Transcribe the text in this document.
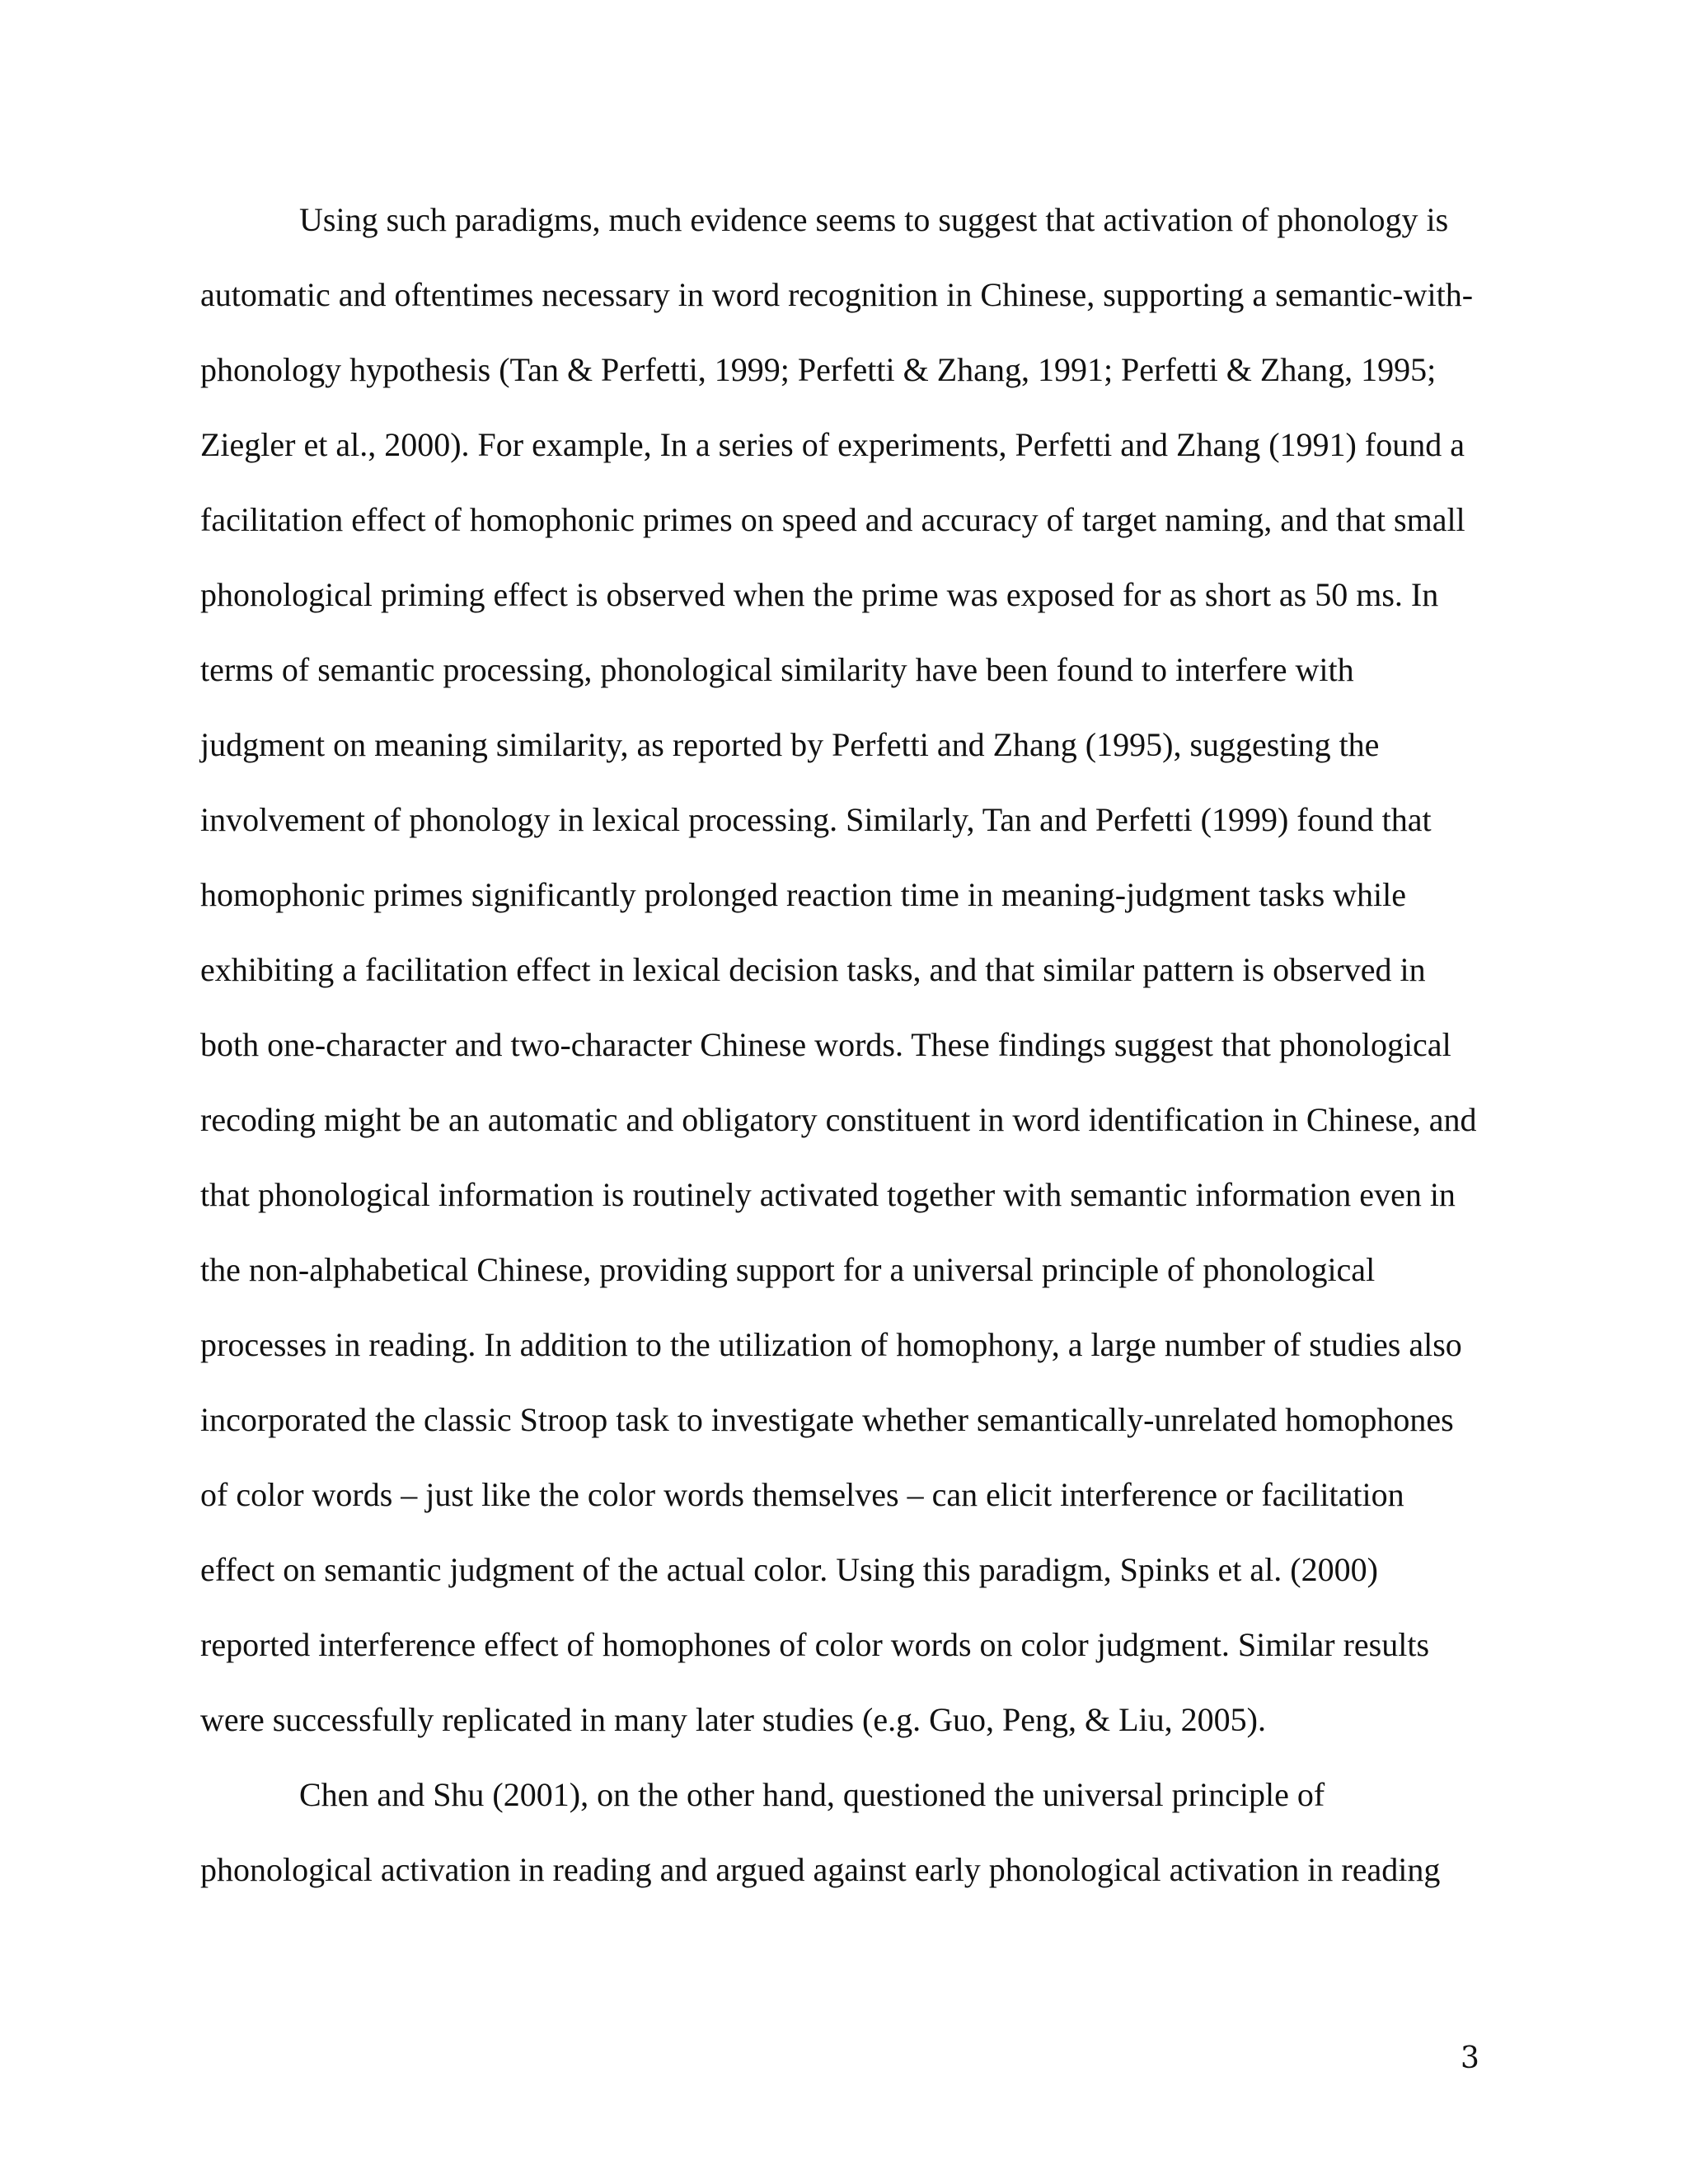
Using such paradigms, much evidence seems to suggest that activation of phonology is
automatic and oftentimes necessary in word recognition in Chinese, supporting a semantic-with-
phonology hypothesis (Tan & Perfetti, 1999; Perfetti & Zhang, 1991; Perfetti & Zhang, 1995;
Ziegler et al., 2000). For example, In a series of experiments, Perfetti and Zhang (1991) found a
facilitation effect of homophonic primes on speed and accuracy of target naming, and that small
phonological priming effect is observed when the prime was exposed for as short as 50 ms. In
terms of semantic processing, phonological similarity have been found to interfere with
judgment on meaning similarity, as reported by Perfetti and Zhang (1995), suggesting the
involvement of phonology in lexical processing. Similarly, Tan and Perfetti (1999) found that
homophonic primes significantly prolonged reaction time in meaning-judgment tasks while
exhibiting a facilitation effect in lexical decision tasks, and that similar pattern is observed in
both one-character and two-character Chinese words. These findings suggest that phonological
recoding might be an automatic and obligatory constituent in word identification in Chinese, and
that phonological information is routinely activated together with semantic information even in
the non-alphabetical Chinese, providing support for a universal principle of phonological
processes in reading. In addition to the utilization of homophony, a large number of studies also
incorporated the classic Stroop task to investigate whether semantically-unrelated homophones
of color words – just like the color words themselves – can elicit interference or facilitation
effect on semantic judgment of the actual color. Using this paradigm, Spinks et al. (2000)
reported interference effect of homophones of color words on color judgment. Similar results
were successfully replicated in many later studies (e.g. Guo, Peng, & Liu, 2005).
Chen and Shu (2001), on the other hand, questioned the universal principle of
phonological activation in reading and argued against early phonological activation in reading
3
